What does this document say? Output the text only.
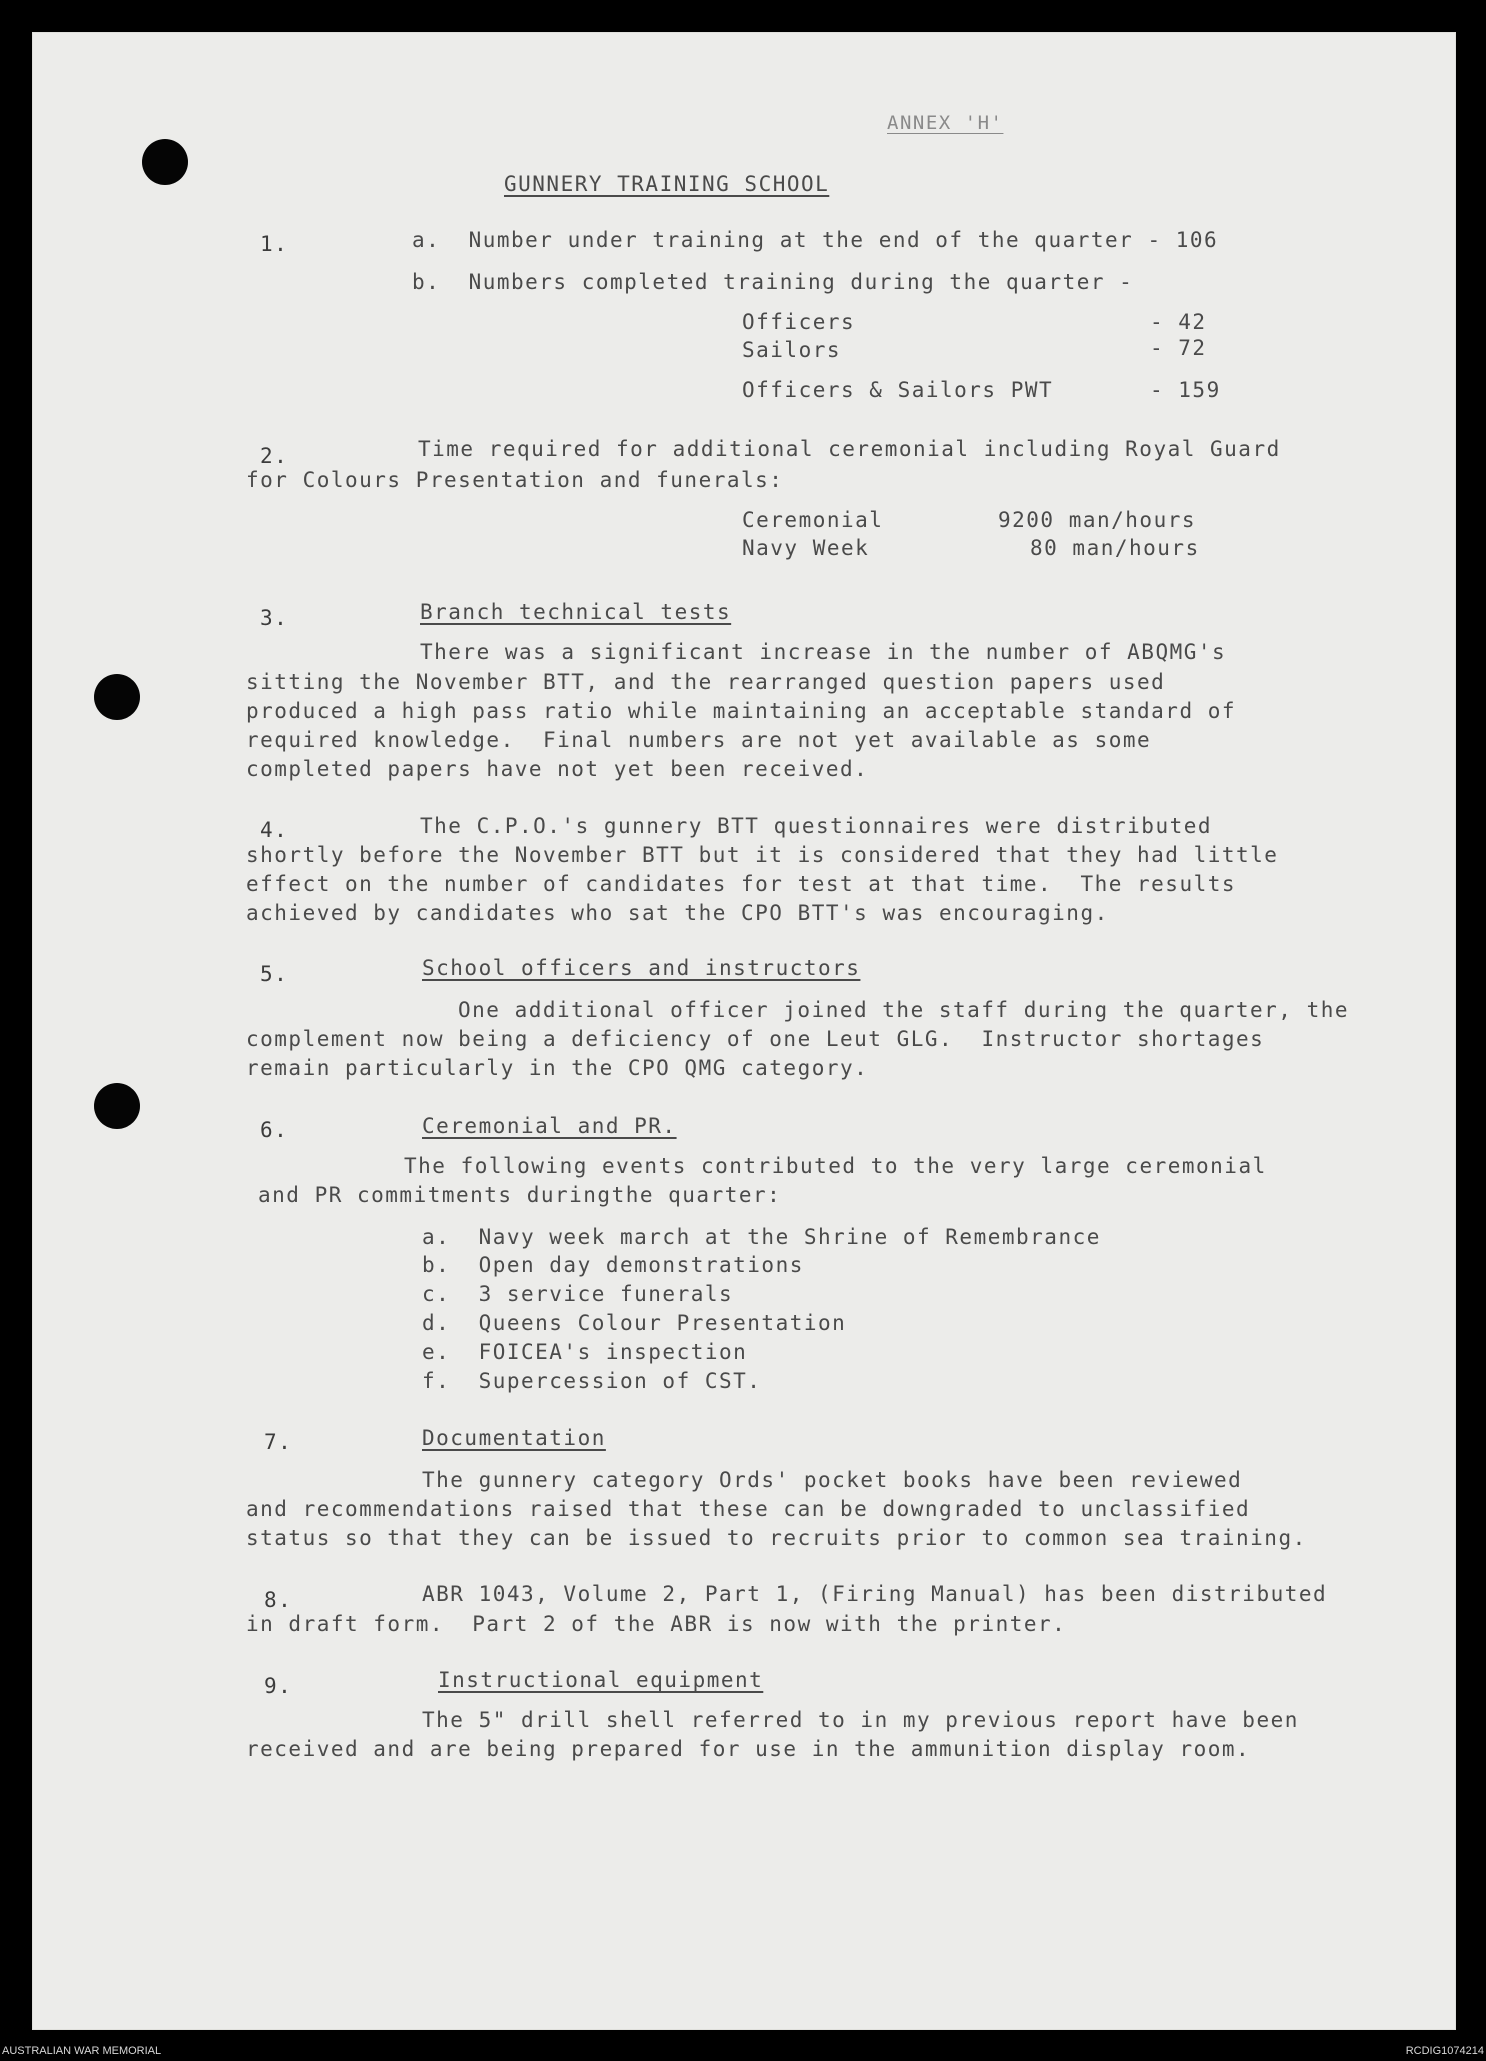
ANNEX 'H'
GUNNERY TRAINING SCHOOL
1.	a.  Number under training at the end of the quarter - 106
b.  Numbers completed training during the quarter -
Officers	- 42
Sailors	- 72
Officers & Sailors PWT	- 159
2.	Time required for additional ceremonial including Royal Guard
for Colours Presentation and funerals:
Ceremonial	9200 man/hours
Navy Week	80 man/hours
3.	Branch technical tests
There was a significant increase in the number of ABQMG's
sitting the November BTT, and the rearranged question papers used
produced a high pass ratio while maintaining an acceptable standard of
required knowledge.  Final numbers are not yet available as some
completed papers have not yet been received.
4.	The C.P.O.'s gunnery BTT questionnaires were distributed
shortly before the November BTT but it is considered that they had little
effect on the number of candidates for test at that time.  The results
achieved by candidates who sat the CPO BTT's was encouraging.
5.	School officers and instructors
One additional officer joined the staff during the quarter, the
complement now being a deficiency of one Leut GLG.  Instructor shortages
remain particularly in the CPO QMG category.
6.	Ceremonial and PR.
The following events contributed to the very large ceremonial
and PR commitments duringthe quarter:
a.  Navy week march at the Shrine of Remembrance
b.  Open day demonstrations
c.  3 service funerals
d.  Queens Colour Presentation
e.  FOICEA's inspection
f.  Supercession of CST.
7.	Documentation
The gunnery category Ords' pocket books have been reviewed
and recommendations raised that these can be downgraded to unclassified
status so that they can be issued to recruits prior to common sea training.
8.	ABR 1043, Volume 2, Part 1, (Firing Manual) has been distributed
in draft form.  Part 2 of the ABR is now with the printer.
9.	Instructional equipment
The 5" drill shell referred to in my previous report have been
received and are being prepared for use in the ammunition display room.
AUSTRALIAN WAR MEMORIAL	RCDIG1074214
